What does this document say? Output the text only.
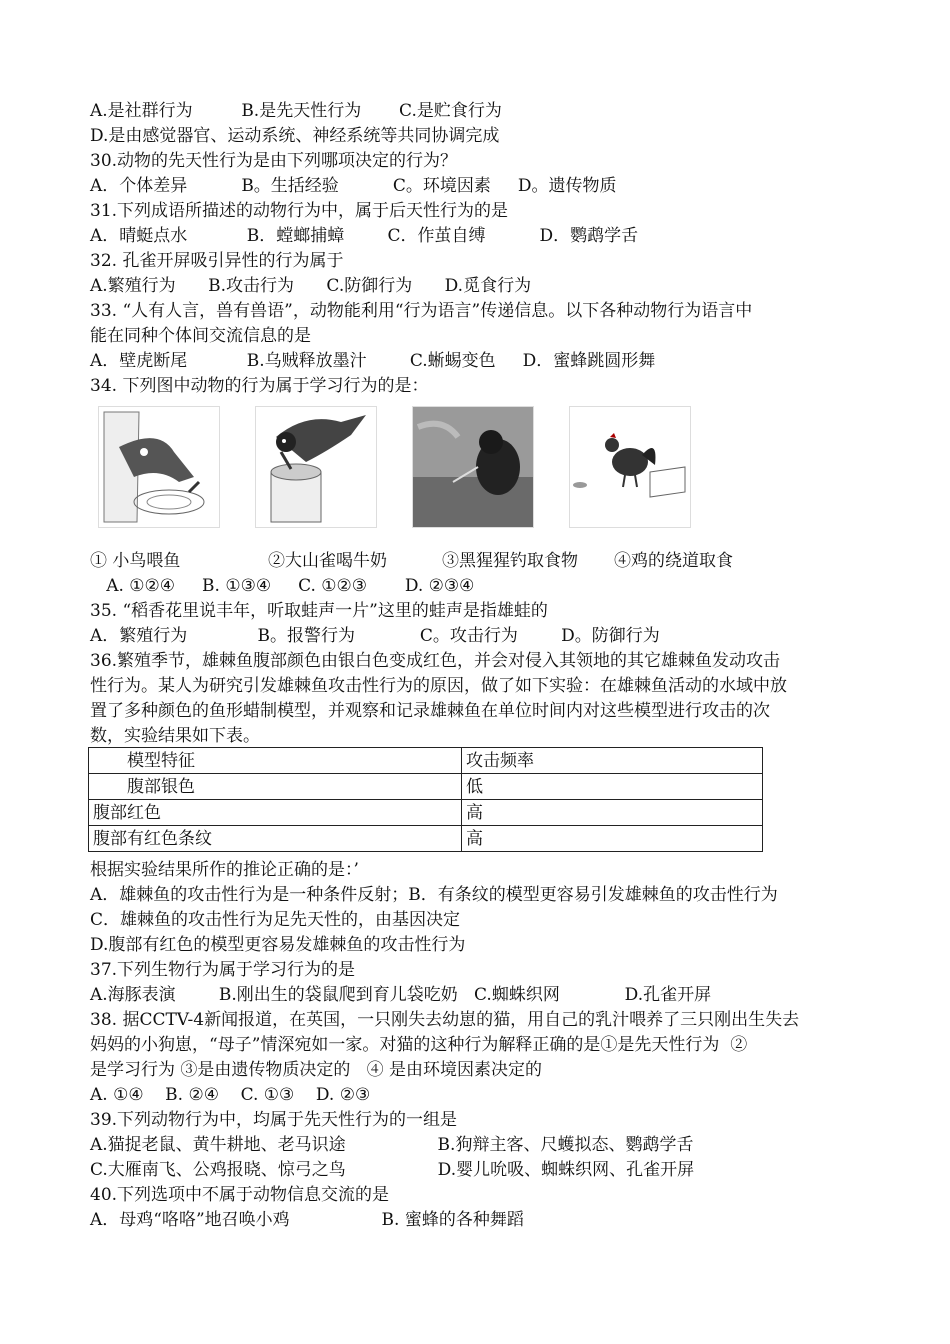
A.是社群行为         B.是先天性行为       C.是贮食行为
D.是由感觉器官、运动系统、神经系统等共同协调完成
30.动物的先天性行为是由下列哪项决定的行为？
A．个体差异          B。生括经验          C。环境因素     D。遗传物质
31.下列成语所描述的动物行为中，属于后天性行为的是
A．晴蜓点水           B．螳螂捕蟑        C．作茧自缚          D．鹦鹉学舌
32. 孔雀开屏吸引异性的行为属于
A.繁殖行为      B.攻击行为      C.防御行为      D.觅食行为
33. “人有人言，兽有兽语”，动物能利用“行为语言”传递信息。以下各种动物行为语言中
能在同种个体间交流信息的是
A．壁虎断尾           B.乌贼释放墨汁        C.蜥蜴变色     D．蜜蜂跳圆形舞
34. 下列图中动物的行为属于学习行为的是：
① 小鸟喂鱼	②大山雀喝牛奶	③黑猩猩钓取食物 ④鸡的绕道取食
A. ①②④     B. ①③④     C. ①②③       D. ②③④
35. “稻香花里说丰年，听取蛙声一片”这里的蛙声是指雄蛙的
A．繁殖行为             B。报警行为            C。攻击行为        D。防御行为
36.繁殖季节，雄棘鱼腹部颜色由银白色变成红色，并会对侵入其领地的其它雄棘鱼发动攻击
性行为。某人为研究引发雄棘鱼攻击性行为的原因，做了如下实验：在雄棘鱼活动的水域中放
置了多种颜色的鱼形蜡制模型，并观察和记录雄棘鱼在单位时间内对这些模型进行攻击的次
数，实验结果如下表。
模型特征	攻击频率
腹部银色	低
腹部红色	高
腹部有红色条纹	高
根据实验结果所作的推论正确的是：’
A．雄棘鱼的攻击性行为是一种条件反射；B．有条纹的模型更容易引发雄棘鱼的攻击性行为
C．雄棘鱼的攻击性行为足先天性的，由基因决定
D.腹部有红色的模型更容易发雄棘鱼的攻击性行为
37.下列生物行为属于学习行为的是
A.海豚表演        B.刚出生的袋鼠爬到育儿袋吃奶   C.蜘蛛织网            D.孔雀开屏
38. 据CCTV-4新闻报道，在英国，一只刚失去幼崽的猫，用自己的乳汁喂养了三只刚出生失去
妈妈的小狗崽，“母子”情深宛如一家。对猫的这种行为解释正确的是①是先天性行为  ②
是学习行为 ③是由遗传物质决定的   ④ 是由环境因素决定的
A. ①④    B. ②④    C. ①③    D. ②③
39.下列动物行为中，均属于先天性行为的一组是
A.猫捉老鼠、黄牛耕地、老马识途                 B.狗辩主客、尺蠖拟态、鹦鹉学舌
C.大雁南飞、公鸡报晓、惊弓之鸟                 D.婴儿吮吸、蜘蛛织网、孔雀开屏
40.下列选项中不属于动物信息交流的是
A．母鸡“咯咯”地召唤小鸡                 B. 蜜蜂的各种舞蹈
